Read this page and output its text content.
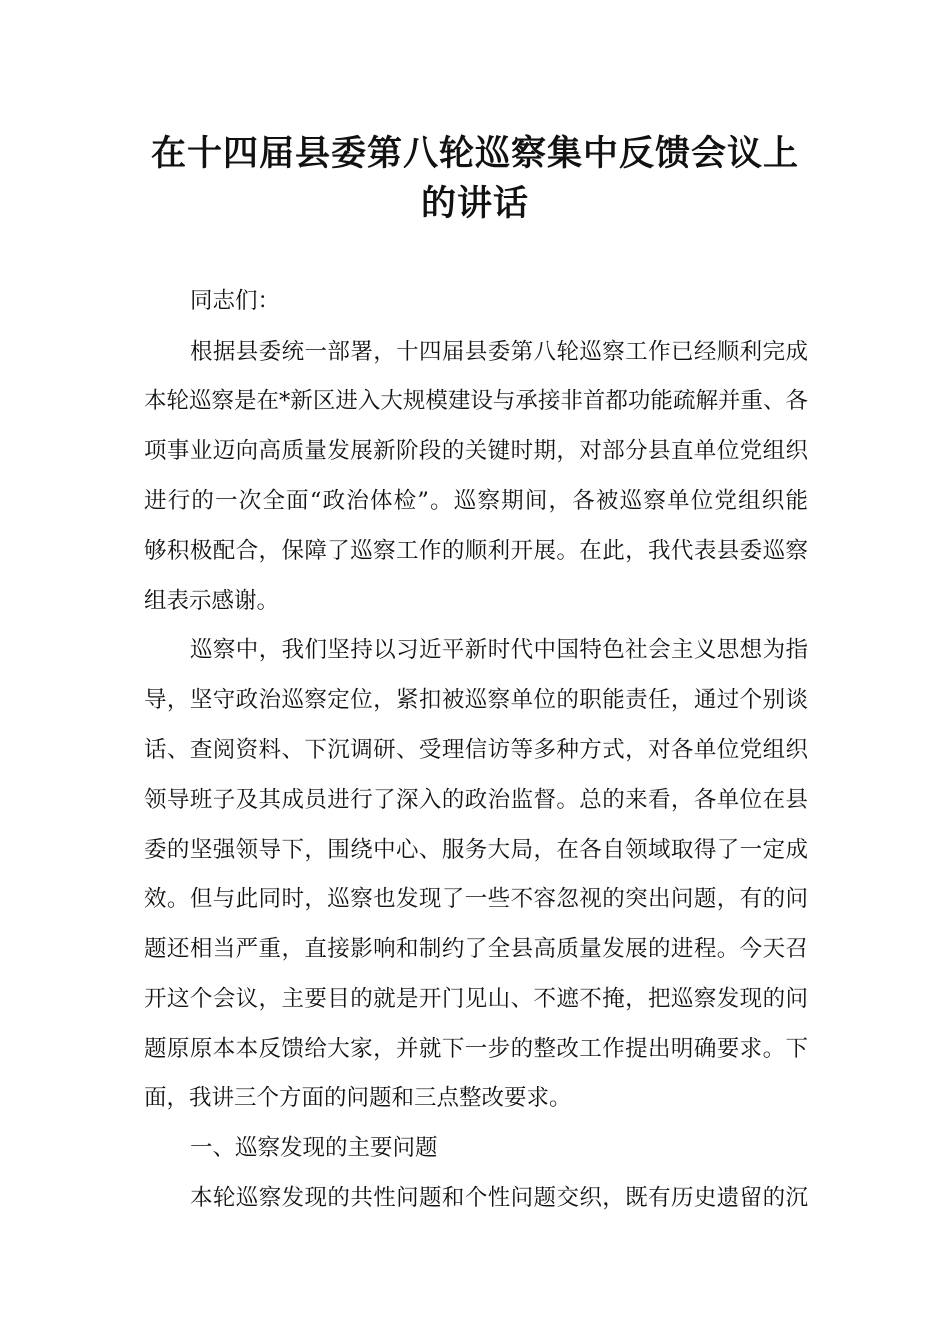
在十四届县委第八轮巡察集中反馈会议上
的讲话

同志们：

根据县委统一部署，十四届县委第八轮巡察工作已经顺利完成

本轮巡察是在*新区进入大规模建设与承接非首都功能疏解并重、各

项事业迈向高质量发展新阶段的关键时期，对部分县直单位党组织

进行的一次全面“政治体检”。巡察期间，各被巡察单位党组织能

够积极配合，保障了巡察工作的顺利开展。在此，我代表县委巡察

组表示感谢。

巡察中，我们坚持以习近平新时代中国特色社会主义思想为指

导，坚守政治巡察定位，紧扣被巡察单位的职能责任，通过个别谈

话、查阅资料、下沉调研、受理信访等多种方式，对各单位党组织

领导班子及其成员进行了深入的政治监督。总的来看，各单位在县

委的坚强领导下，围绕中心、服务大局，在各自领域取得了一定成

效。但与此同时，巡察也发现了一些不容忽视的突出问题，有的问

题还相当严重，直接影响和制约了全县高质量发展的进程。今天召

开这个会议，主要目的就是开门见山、不遮不掩，把巡察发现的问

题原原本本反馈给大家，并就下一步的整改工作提出明确要求。下

面，我讲三个方面的问题和三点整改要求。

一、巡察发现的主要问题

本轮巡察发现的共性问题和个性问题交织，既有历史遗留的沉
